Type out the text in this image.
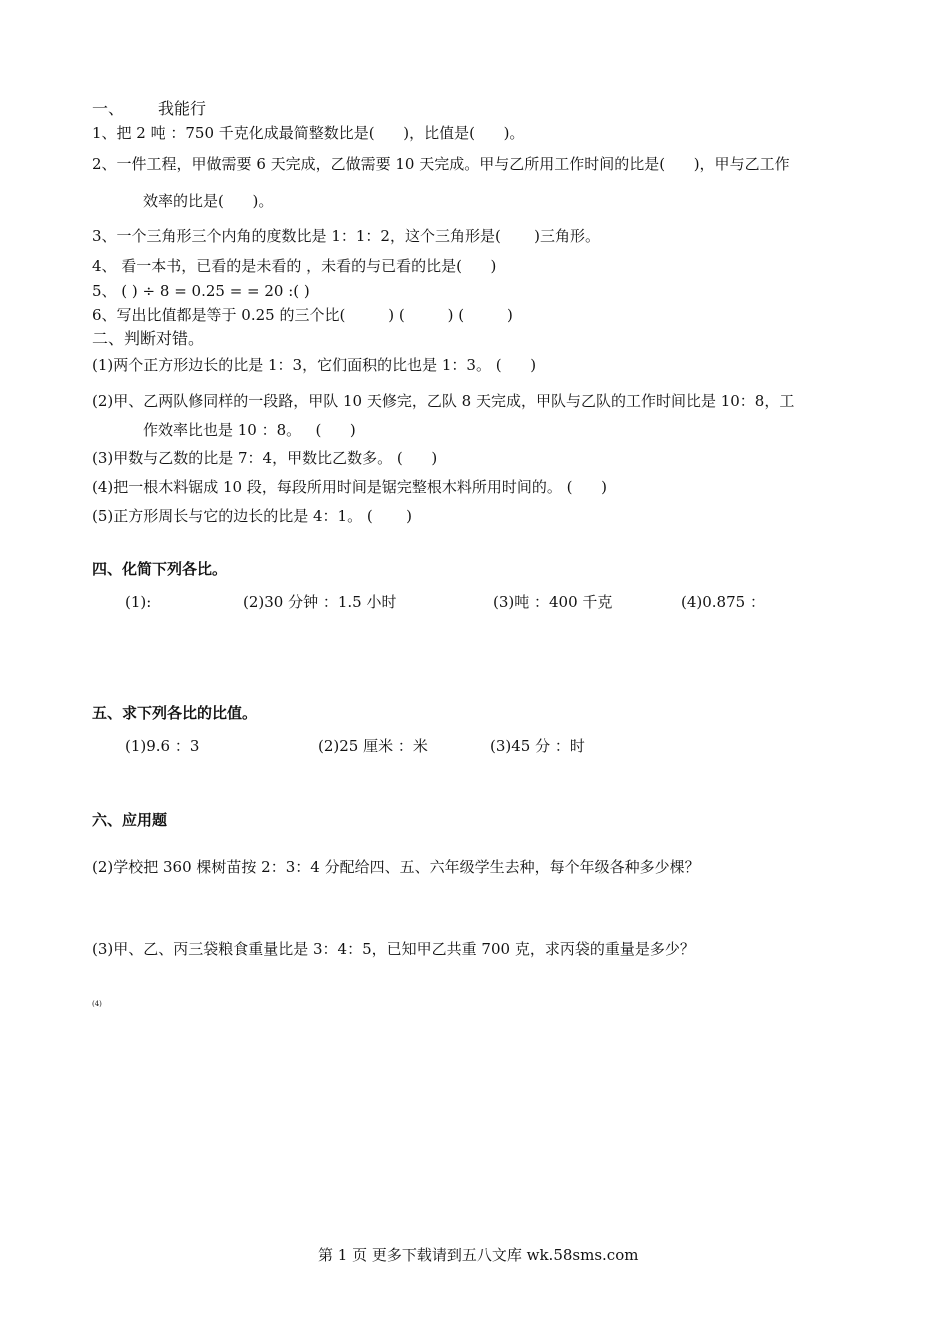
一、 我能行
1、把 2 吨 ：750 千克化成最简整数比是(      )，比值是(      )。
2、一件工程，甲做需要 6 天完成，乙做需要 10 天完成。甲与乙所用工作时间的比是(      )，甲与乙工作
效率的比是(      )。
3、一个三角形三个内角的度数比是 1：1：2，这个三角形是(       )三角形。
4、 看一本书，已看的是未看的 ，未看的与已看的比是(      )
5、 ( ) ÷ 8 = 0.25 = = 20 :( )
6、写出比值都是等于 0.25 的三个比(         ) (         ) (         )
二、判断对错。
(1)两个正方形边长的比是 1：3，它们面积的比也是 1：3。 (      )
(2)甲、乙两队修同样的一段路，甲队 10 天修完，乙队 8 天完成，甲队与乙队的工作时间比是 10：8，工
作效率比也是 10 ：8。   (      )
(3)甲数与乙数的比是 7：4，甲数比乙数多。 (      )
(4)把一根木料锯成 10 段，每段所用时间是锯完整根木料所用时间的。 (      )
(5)正方形周长与它的边长的比是 4：1。 (       )
四、化简下列各比。
(1):	(2)30 分钟 ：1.5 小时	(3)吨 ：400 千克	(4)0.875 ：
五、求下列各比的比值。
(1)9.6 ：3	(2)25 厘米 ：米	(3)45 分 ：时
六、应用题
(2)学校把 360 棵树苗按 2：3：4 分配给四、五、六年级学生去种，每个年级各种多少棵？
(3)甲、乙、丙三袋粮食重量比是 3：4：5，已知甲乙共重 700 克，求丙袋的重量是多少？
(4)
第 1 页 更多下载请到五八文库 wk.58sms.com
